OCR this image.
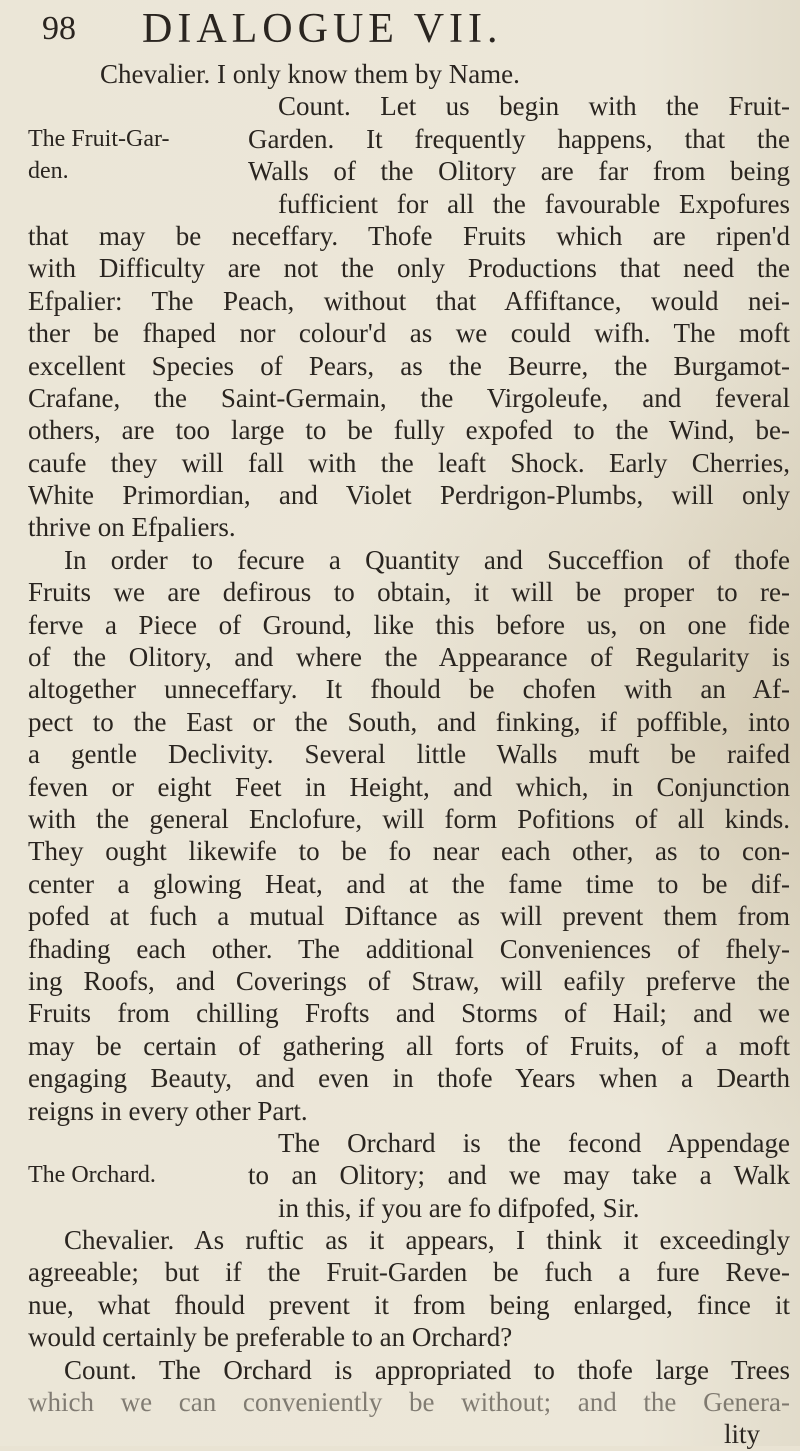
98	DIALOGUE VII.
Chevalier. I only know them by Name.
Count. Let us begin with the Fruit-
The Fruit-Gar-	Garden. It frequently happens, that the
den.	Walls of the Olitory are far from being
fufficient for all the favourable Expofures
that may be neceffary. Thofe Fruits which are ripen'd
with Difficulty are not the only Productions that need the
Efpalier: The Peach, without that Affiftance, would nei-
ther be fhaped nor colour'd as we could wifh. The moft
excellent Species of Pears, as the Beurre, the Burgamot-
Crafane, the Saint-Germain, the Virgoleufe, and feveral
others, are too large to be fully expofed to the Wind, be-
caufe they will fall with the leaft Shock. Early Cherries,
White Primordian, and Violet Perdrigon-Plumbs, will only
thrive on Efpaliers.
In order to fecure a Quantity and Succeffion of thofe
Fruits we are defirous to obtain, it will be proper to re-
ferve a Piece of Ground, like this before us, on one fide
of the Olitory, and where the Appearance of Regularity is
altogether unneceffary. It fhould be chofen with an Af-
pect to the East or the South, and finking, if poffible, into
a gentle Declivity. Several little Walls muft be raifed
feven or eight Feet in Height, and which, in Conjunction
with the general Enclofure, will form Pofitions of all kinds.
They ought likewife to be fo near each other, as to con-
center a glowing Heat, and at the fame time to be dif-
pofed at fuch a mutual Diftance as will prevent them from
fhading each other. The additional Conveniences of fhely-
ing Roofs, and Coverings of Straw, will eafily preferve the
Fruits from chilling Frofts and Storms of Hail; and we
may be certain of gathering all forts of Fruits, of a moft
engaging Beauty, and even in thofe Years when a Dearth
reigns in every other Part.
The Orchard is the fecond Appendage
The Orchard.	to an Olitory; and we may take a Walk
in this, if you are fo difpofed, Sir.
Chevalier. As ruftic as it appears, I think it exceedingly
agreeable; but if the Fruit-Garden be fuch a fure Reve-
nue, what fhould prevent it from being enlarged, fince it
would certainly be preferable to an Orchard?
Count. The Orchard is appropriated to thofe large Trees
which we can conveniently be without; and the Genera-
lity
